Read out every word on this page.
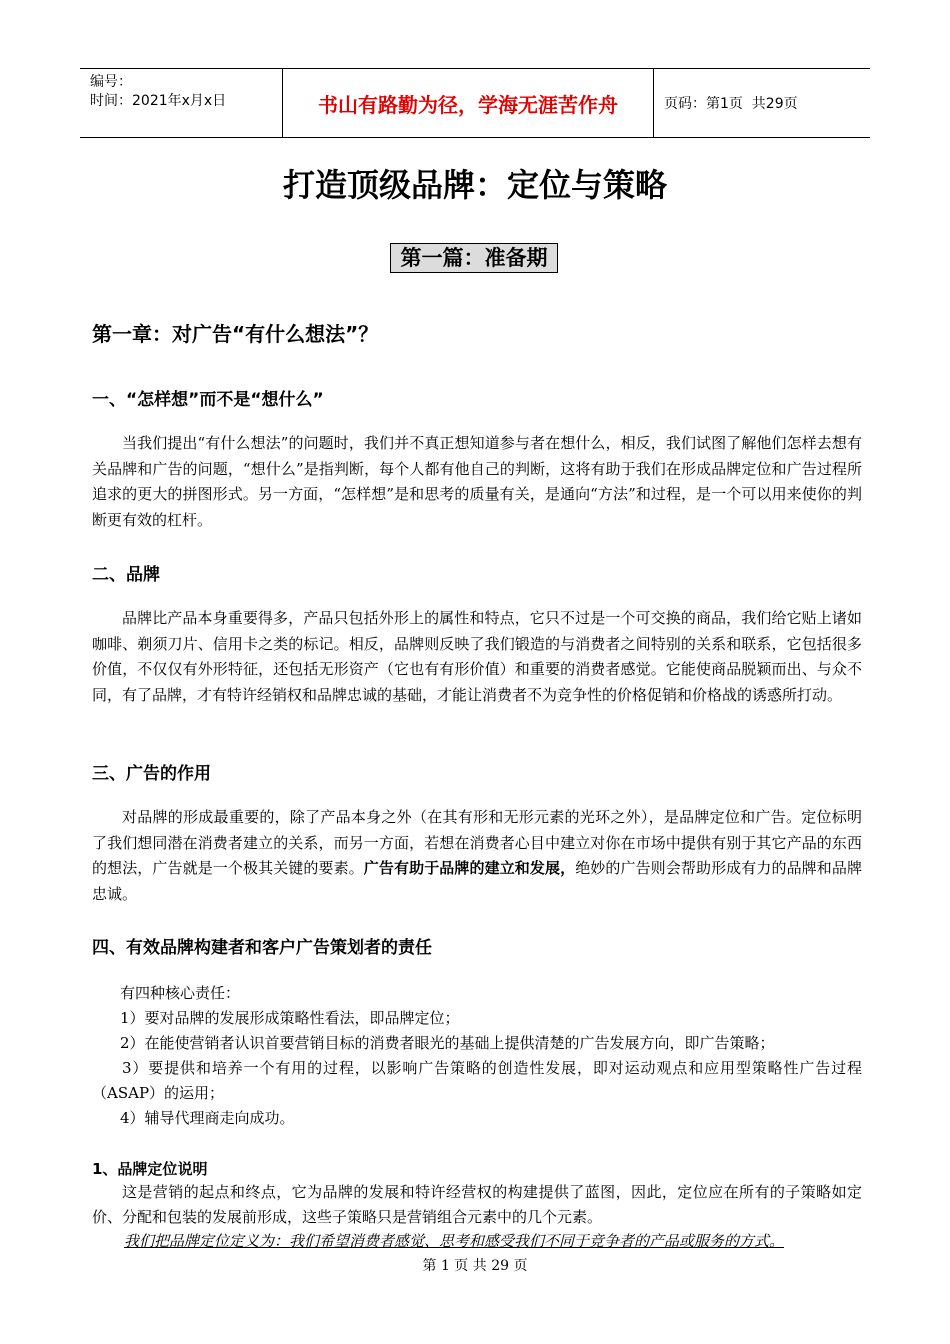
编号：
时间：2021年x月x日	书山有路勤为径，学海无涯苦作舟	页码：第1页  共29页
打造顶级品牌：定位与策略
第一篇：准备期
第一章：对广告“有什么想法”？
一、“怎样想”而不是“想什么”
当我们提出“有什么想法”的问题时，我们并不真正想知道参与者在想什么，相反，我们试图了解他们怎样去想有关品牌和广告的问题，“想什么”是指判断，每个人都有他自己的判断，这将有助于我们在形成品牌定位和广告过程所追求的更大的拼图形式。另一方面，“怎样想”是和思考的质量有关，是通向“方法”和过程，是一个可以用来使你的判断更有效的杠杆。
二、品牌
品牌比产品本身重要得多，产品只包括外形上的属性和特点，它只不过是一个可交换的商品，我们给它贴上诸如咖啡、剃须刀片、信用卡之类的标记。相反，品牌则反映了我们锻造的与消费者之间特别的关系和联系，它包括很多价值，不仅仅有外形特征，还包括无形资产（它也有有形价值）和重要的消费者感觉。它能使商品脱颖而出、与众不同，有了品牌，才有特许经销权和品牌忠诚的基础，才能让消费者不为竞争性的价格促销和价格战的诱惑所打动。
三、广告的作用
对品牌的形成最重要的，除了产品本身之外（在其有形和无形元素的光环之外），是品牌定位和广告。定位标明了我们想同潜在消费者建立的关系，而另一方面，若想在消费者心目中建立对你在市场中提供有别于其它产品的东西的想法，广告就是一个极其关键的要素。广告有助于品牌的建立和发展，绝妙的广告则会帮助形成有力的品牌和品牌忠诚。
四、有效品牌构建者和客户广告策划者的责任
有四种核心责任：
1）要对品牌的发展形成策略性看法，即品牌定位；
2）在能使营销者认识首要营销目标的消费者眼光的基础上提供清楚的广告发展方向，即广告策略；
3）要提供和培养一个有用的过程，以影响广告策略的创造性发展，即对运动观点和应用型策略性广告过程（ASAP）的运用；
4）辅导代理商走向成功。
1、品牌定位说明
这是营销的起点和终点，它为品牌的发展和特许经营权的构建提供了蓝图，因此，定位应在所有的子策略如定价、分配和包装的发展前形成，这些子策略只是营销组合元素中的几个元素。
我们把品牌定位定义为：我们希望消费者感觉、思考和感受我们不同于竞争者的产品或服务的方式。
第 1 页 共 29 页
